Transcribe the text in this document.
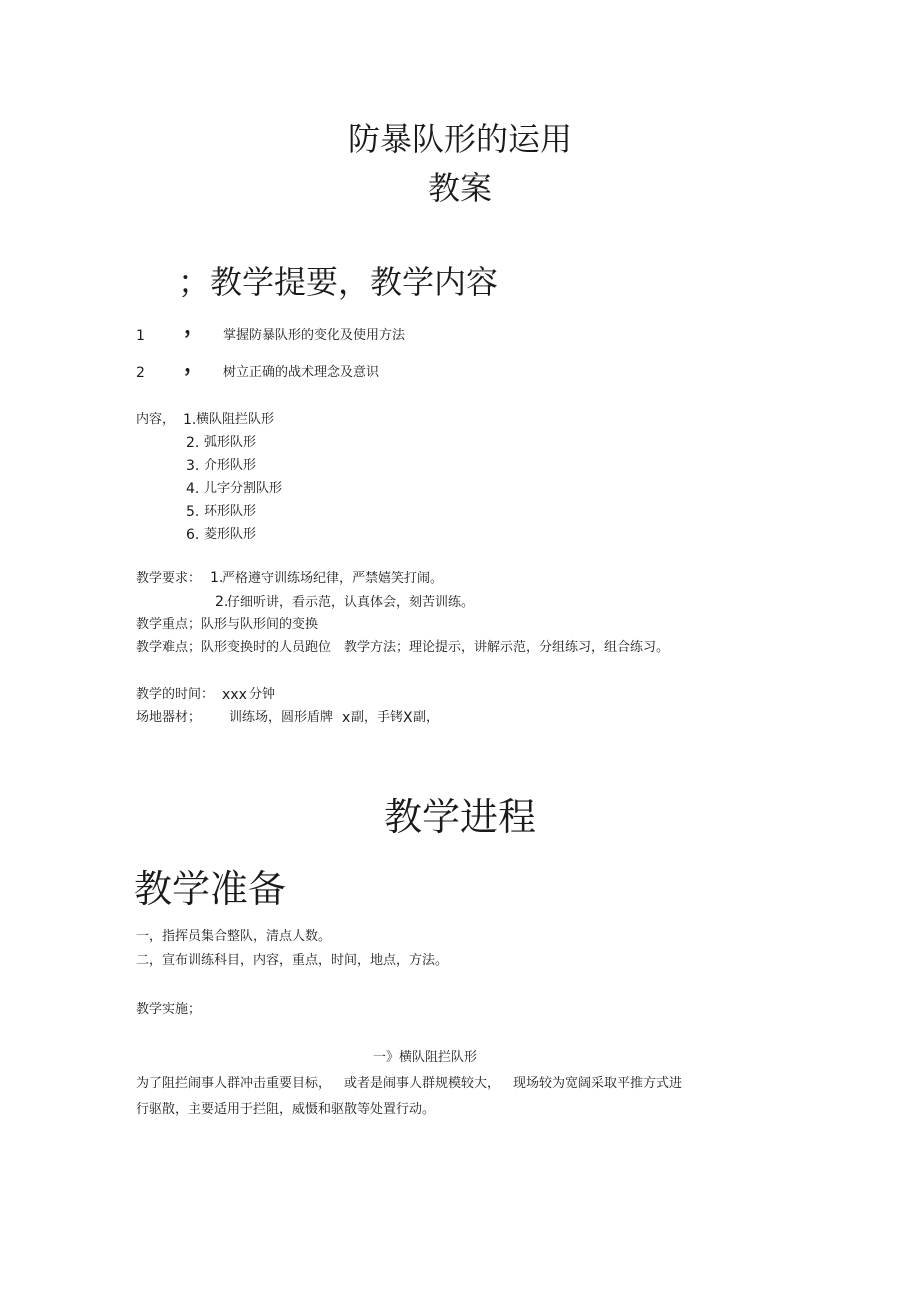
防暴队形的运用
教案
；教学提要，教学内容
1 ， 掌握防暴队形的变化及使用方法
2 ， 树立正确的战术理念及意识
内容， 1. 横队阻拦队形
2. 弧形队形
3. 介形队形
4. 儿字分割队形
5. 环形队形
6. 菱形队形
教学要求： 1.
严格遵守训练场纪律，严禁嬉笑打闹。
2.
仔细听讲，看示范，认真体会，刻苦训练。
教学重点；队形与队形间的变换
教学难点；队形变换时的人员跑位 教学方法；理论提示，讲解示范，分组练习，组合练习。
教学的时间： xxx 分钟
场地器材； 训练场，圆形盾牌 x 副，手铐 X 副，
教学进程
教学准备
一，指挥员集合整队，清点人数。
二，宣布训练科目，内容，重点，时间，地点，方法。
教学实施；
一》横队阻拦队形
为了阻拦闹事人群冲击重要目标， 或者是闹事人群规模较大， 现场较为宽阔采取平推方式进
行驱散，主要适用于拦阻，威慑和驱散等处置行动。
